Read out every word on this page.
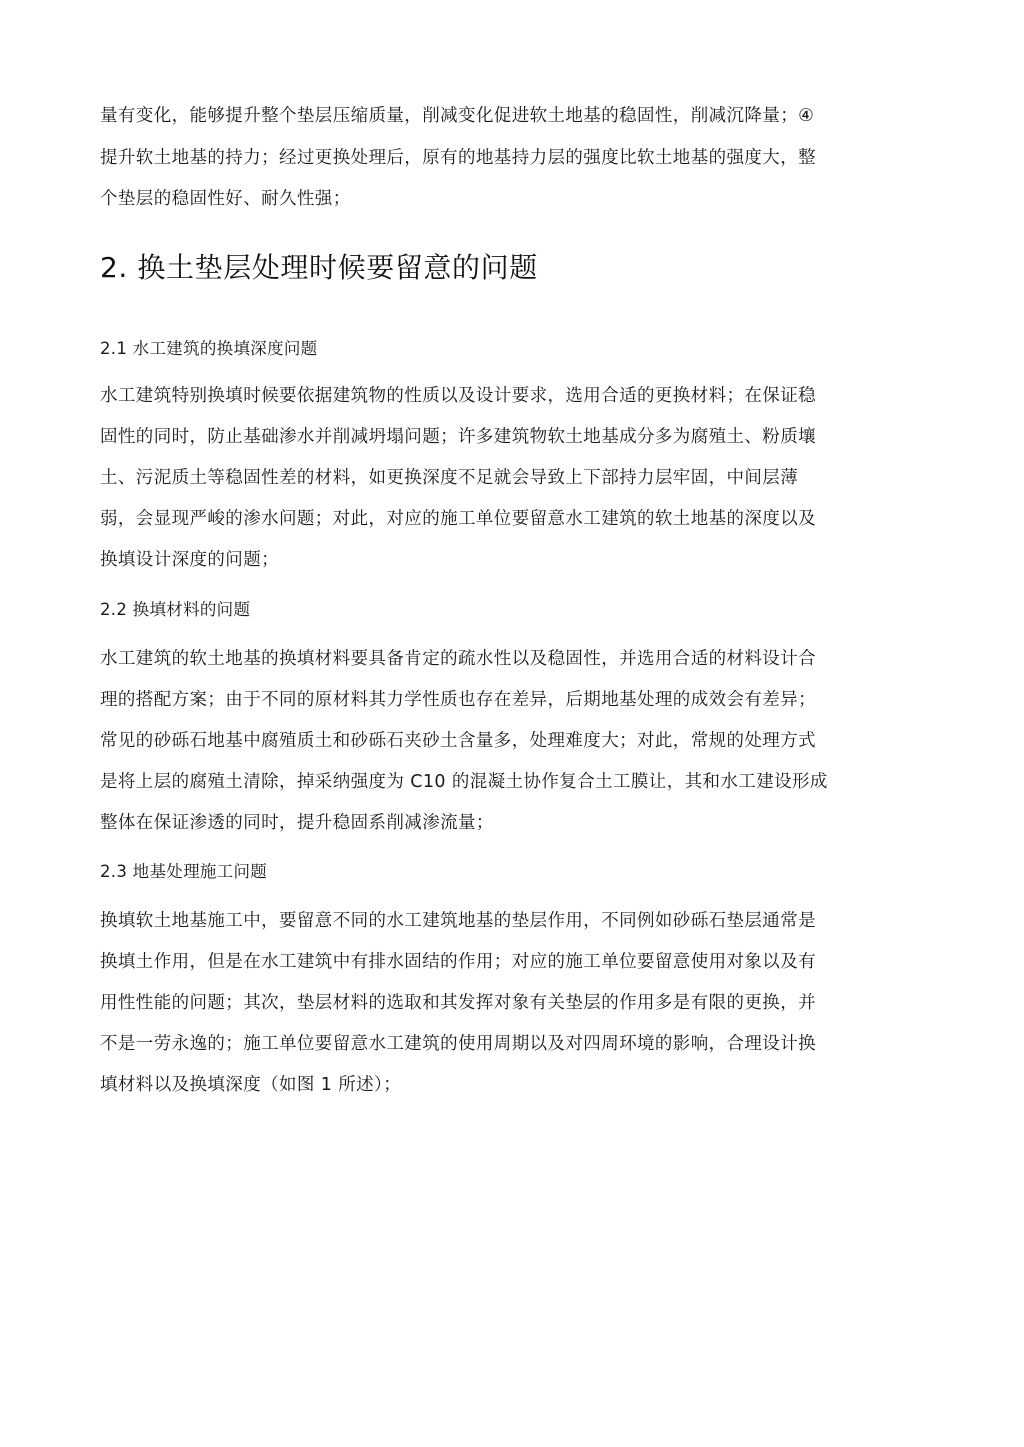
量有变化，能够提升整个垫层压缩质量，削减变化促进软土地基的稳固性，削减沉降量；④
提升软土地基的持力；经过更换处理后，原有的地基持力层的强度比软土地基的强度大，整
个垫层的稳固性好、耐久性强；
2. 换土垫层处理时候要留意的问题
2.1 水工建筑的换填深度问题
水工建筑特别换填时候要依据建筑物的性质以及设计要求，选用合适的更换材料；在保证稳
固性的同时，防止基础渗水并削减坍塌问题；许多建筑物软土地基成分多为腐殖土、粉质壤
土、污泥质土等稳固性差的材料，如更换深度不足就会导致上下部持力层牢固，中间层薄
弱，会显现严峻的渗水问题；对此，对应的施工单位要留意水工建筑的软土地基的深度以及
换填设计深度的问题；
2.2 换填材料的问题
水工建筑的软土地基的换填材料要具备肯定的疏水性以及稳固性，并选用合适的材料设计合
理的搭配方案；由于不同的原材料其力学性质也存在差异，后期地基处理的成效会有差异；
常见的砂砾石地基中腐殖质土和砂砾石夹砂土含量多，处理难度大；对此，常规的处理方式
是将上层的腐殖土清除，掉采纳强度为 C10 的混凝土协作复合土工膜让，其和水工建设形成
整体在保证渗透的同时，提升稳固系削减渗流量；
2.3 地基处理施工问题
换填软土地基施工中，要留意不同的水工建筑地基的垫层作用，不同例如砂砾石垫层通常是
换填土作用，但是在水工建筑中有排水固结的作用；对应的施工单位要留意使用对象以及有
用性性能的问题；其次，垫层材料的选取和其发挥对象有关垫层的作用多是有限的更换，并
不是一劳永逸的；施工单位要留意水工建筑的使用周期以及对四周环境的影响，合理设计换
填材料以及换填深度（如图 1 所述）；
